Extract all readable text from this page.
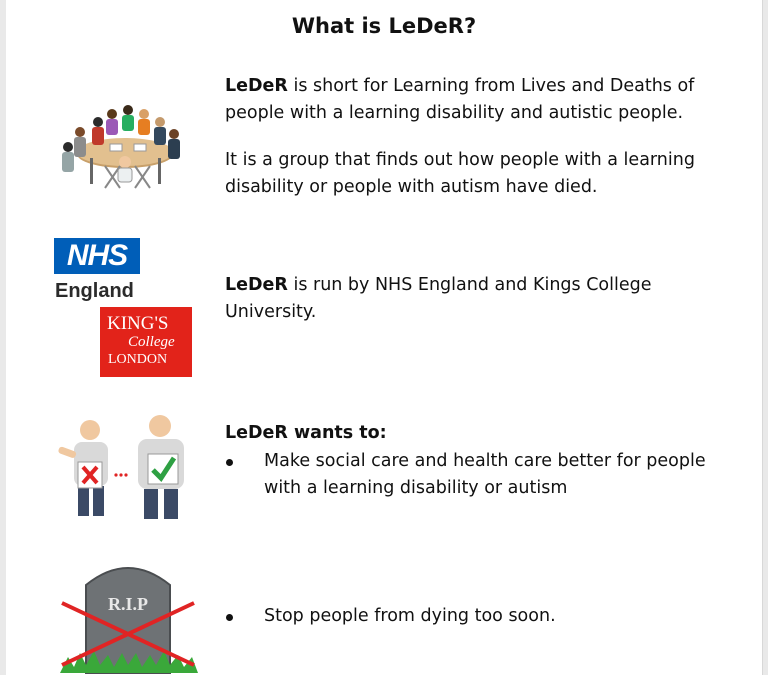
What is LeDeR?
LeDeR is short for Learning from Lives and Deaths of people with a learning disability and autistic people.
It is a group that finds out how people with a learning disability or people with autism have died.
NHS
England
KING'S
College
LONDON
LeDeR is run by NHS England and Kings College University.
LeDeR wants to:
Make social care and health care better for people with a learning disability or autism
R.I.P
Stop people from dying too soon.
